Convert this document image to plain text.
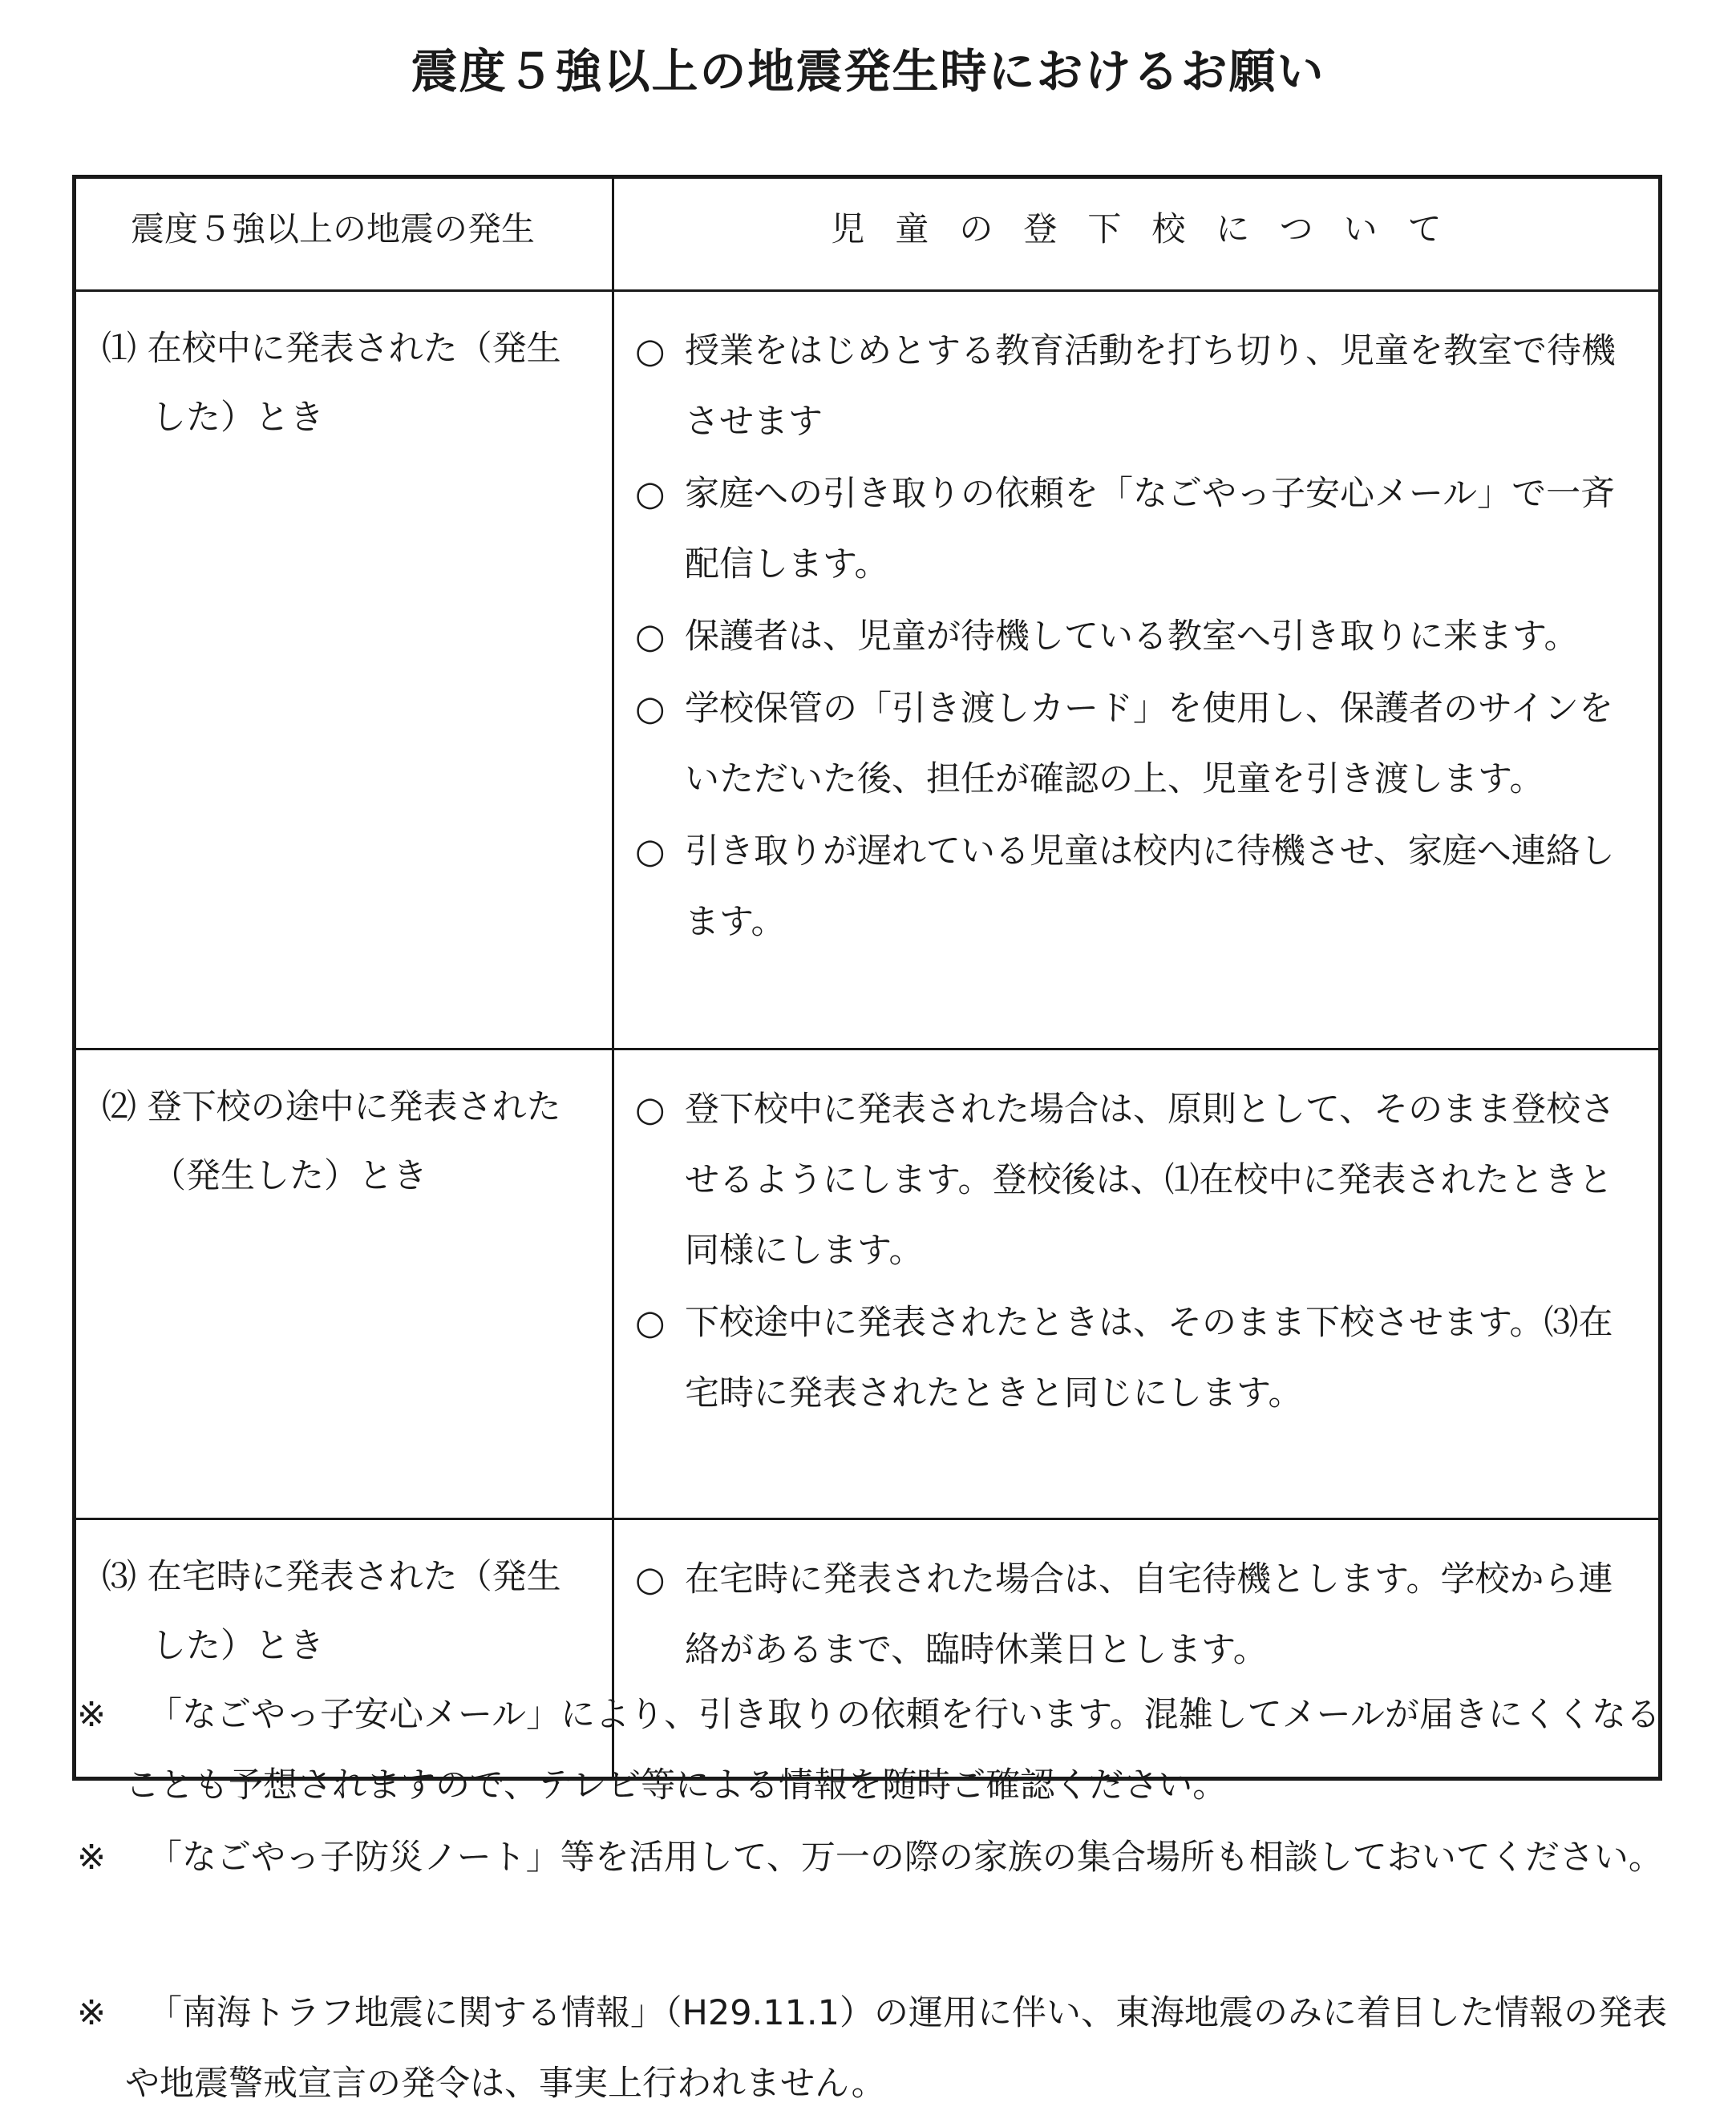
震度５強以上の地震発生時におけるお願い
震度５強以上の地震の発生	児童の登下校について

⑴ 在校中に発表された（発生した）とき	○ 授業をはじめとする教育活動を打ち切り、児童を教室で待機させます

○ 家庭への引き取りの依頼を「なごやっ子安心メール」で一斉配信します。

○ 保護者は、児童が待機している教室へ引き取りに来ます。

○ 学校保管の「引き渡しカード」を使用し、保護者のサインをいただいた後、担任が確認の上、児童を引き渡します。

○ 引き取りが遅れている児童は校内に待機させ、家庭へ連絡します。

⑵ 登下校の途中に発表された（発生した）とき	○ 登下校中に発表された場合は、原則として、そのまま登校させるようにします。登校後は、⑴在校中に発表されたときと同様にします。

○ 下校途中に発表されたときは、そのまま下校させます。⑶在宅時に発表されたときと同じにします。

⑶ 在宅時に発表された（発生した）とき	○ 在宅時に発表された場合は、自宅待機とします。学校から連絡があるまで、臨時休業日とします。

※ 「なごやっ子安心メール」により、引き取りの依頼を行います。混雑してメールが届きにくくなることも予想されますので、テレビ等による情報を随時ご確認ください。

※ 「なごやっ子防災ノート」等を活用して、万一の際の家族の集合場所も相談しておいてください。

※ 「南海トラフ地震に関する情報」（H29.11.1）の運用に伴い、東海地震のみに着目した情報の発表や地震警戒宣言の発令は、事実上行われません。
